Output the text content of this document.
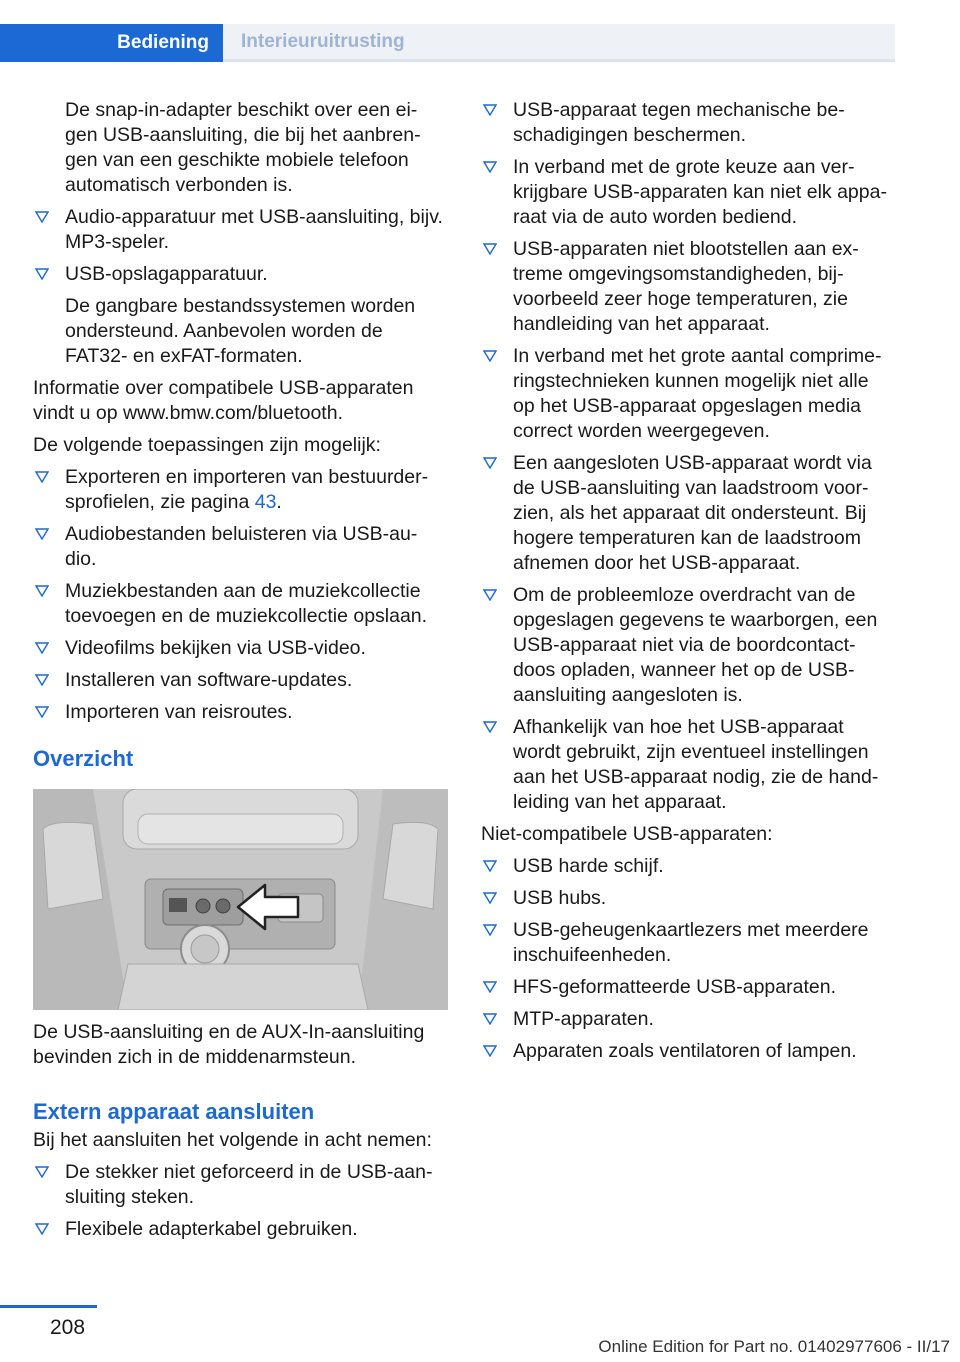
Bediening	Interieuruitrusting
De snap-in-adapter beschikt over een ei-gen USB-aansluiting, die bij het aanbren-gen van een geschikte mobiele telefoon automatisch verbonden is.
Audio-apparatuur met USB-aansluiting, bijv. MP3-speler.
USB-opslagapparatuur.
De gangbare bestandssystemen worden ondersteund. Aanbevolen worden de FAT32- en exFAT-formaten.
Informatie over compatibele USB-apparaten vindt u op www.bmw.com/bluetooth.
De volgende toepassingen zijn mogelijk:
Exporteren en importeren van bestuurder-sprofielen, zie pagina 43.
Audiobestanden beluisteren via USB-au-dio.
Muziekbestanden aan de muziekcollectie toevoegen en de muziekcollectie opslaan.
Videofilms bekijken via USB-video.
Installeren van software-updates.
Importeren van reisroutes.
Overzicht
De USB-aansluiting en de AUX-In-aansluiting bevinden zich in de middenarmsteun.
Extern apparaat aansluiten
Bij het aansluiten het volgende in acht nemen:
De stekker niet geforceerd in de USB-aan-sluiting steken.
Flexibele adapterkabel gebruiken.
USB-apparaat tegen mechanische be-schadigingen beschermen.
In verband met de grote keuze aan ver-krijgbare USB-apparaten kan niet elk appa-raat via de auto worden bediend.
USB-apparaten niet blootstellen aan ex-treme omgevingsomstandigheden, bij-voorbeeld zeer hoge temperaturen, zie handleiding van het apparaat.
In verband met het grote aantal comprime-ringstechnieken kunnen mogelijk niet alle op het USB-apparaat opgeslagen media correct worden weergegeven.
Een aangesloten USB-apparaat wordt via de USB-aansluiting van laadstroom voor-zien, als het apparaat dit ondersteunt. Bij hogere temperaturen kan de laadstroom afnemen door het USB-apparaat.
Om de probleemloze overdracht van de opgeslagen gegevens te waarborgen, een USB-apparaat niet via de boordcontact-doos opladen, wanneer het op de USB-aansluiting aangesloten is.
Afhankelijk van hoe het USB-apparaat wordt gebruikt, zijn eventueel instellingen aan het USB-apparaat nodig, zie de hand-leiding van het apparaat.
Niet-compatibele USB-apparaten:
USB harde schijf.
USB hubs.
USB-geheugenkaartlezers met meerdere inschuifeenheden.
HFS-geformatteerde USB-apparaten.
MTP-apparaten.
Apparaten zoals ventilatoren of lampen.
208
Online Edition for Part no. 01402977606 - II/17
